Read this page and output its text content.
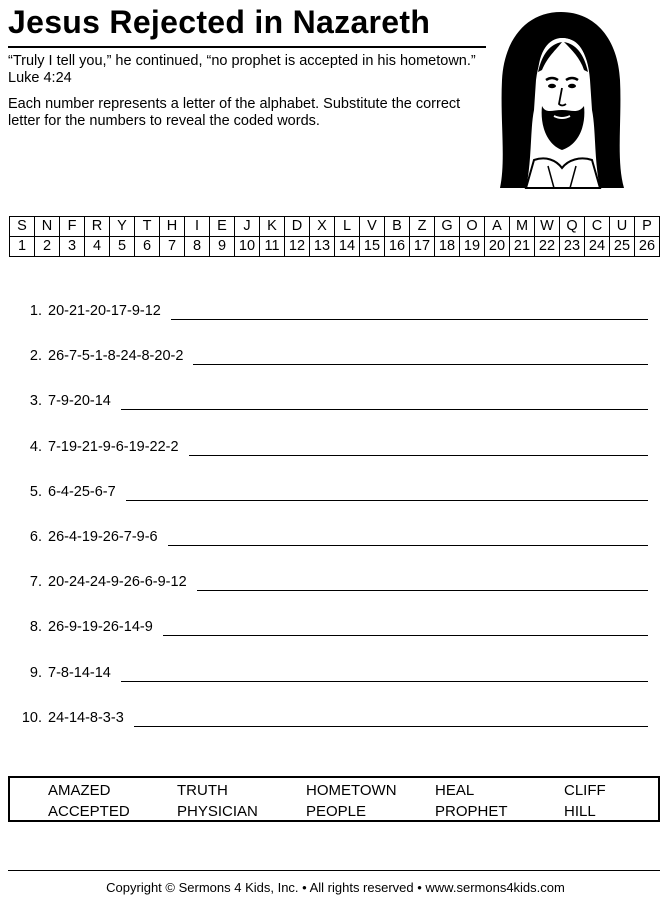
Jesus Rejected in Nazareth
“Truly I tell you,” he continued, “no prophet is accepted in his hometown.” Luke 4:24
Each number represents a letter of the alphabet. Substitute the correct letter for the numbers to reveal the coded words.
S	N	F	R	Y	T	H	I	E	J	K	D	X	L	V	B	Z	G	O	A	M	W	Q	C	U	P
1	2	3	4	5	6	7	8	9	10	11	12	13	14	15	16	17	18	19	20	21	22	23	24	25	26
1. 20-21-20-17-9-12
2. 26-7-5-1-8-24-8-20-2
3. 7-9-20-14
4. 7-19-21-9-6-19-22-2
5. 6-4-25-6-7
6. 26-4-19-26-7-9-6
7. 20-24-24-9-26-6-9-12
8. 26-9-19-26-14-9
9. 7-8-14-14
10. 24-14-8-3-3
AMAZED	TRUTH	HOMETOWN	HEAL	CLIFF
ACCEPTED	PHYSICIAN	PEOPLE	PROPHET	HILL
Copyright © Sermons 4 Kids, Inc. • All rights reserved • www.sermons4kids.com
